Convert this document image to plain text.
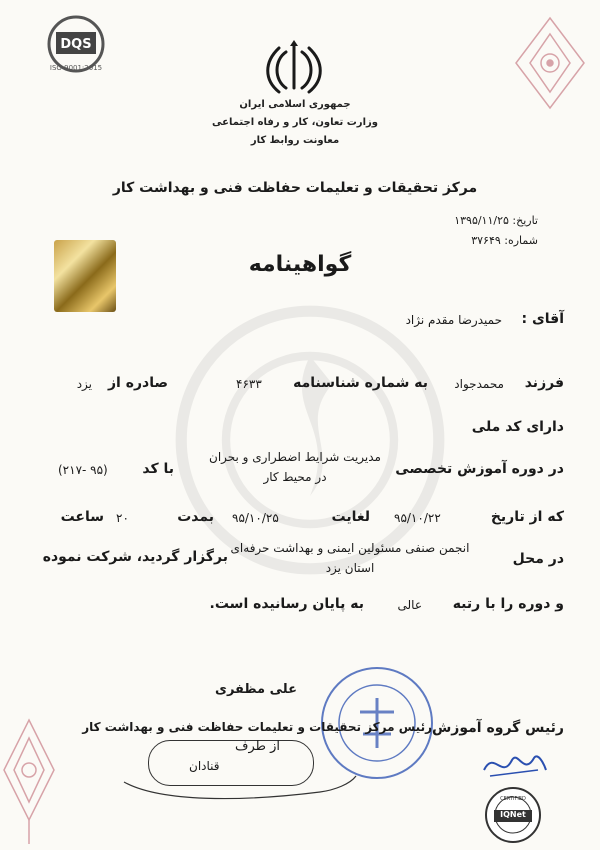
DQS
ISO 9001:2015
جمهوری اسلامی ایران
وزارت تعاون، کار و رفاه اجتماعی
معاونت روابط کار
مرکز تحقیقات و تعلیمات حفاظت فنی و بهداشت کار
تاریخ: ۱۳۹۵/۱۱/۲۵
شماره: ۳۷۶۴۹
گواهینامه
آقای :
حمیدرضا مقدم نژاد
فرزند
محمدجواد
به شماره شناسنامه
۴۶۳۳
صادره از
یزد
دارای کد ملی
در دوره آموزش تخصصی
مدیریت شرایط اضطراری و بحران
در محیط کار
با کد
(۲۱۷- ۹۵)
که از تاریخ
۹۵/۱۰/۲۲
لغایت
۹۵/۱۰/۲۵
بمدت
۲۰
ساعت
در محل
انجمن صنفی مسئولین ایمنی و بهداشت حرفه‌ای
استان یزد
برگزار گردید، شرکت نموده
و دوره را با رتبه
عالی
به پایان رسانیده است.
علی مظفری
رئیس گروه آموزش
رئیس مرکز تحقیقات و تعلیمات حفاظت فنی و بهداشت کار
از طرف
قنادان
CERTIFIED
IQNet
